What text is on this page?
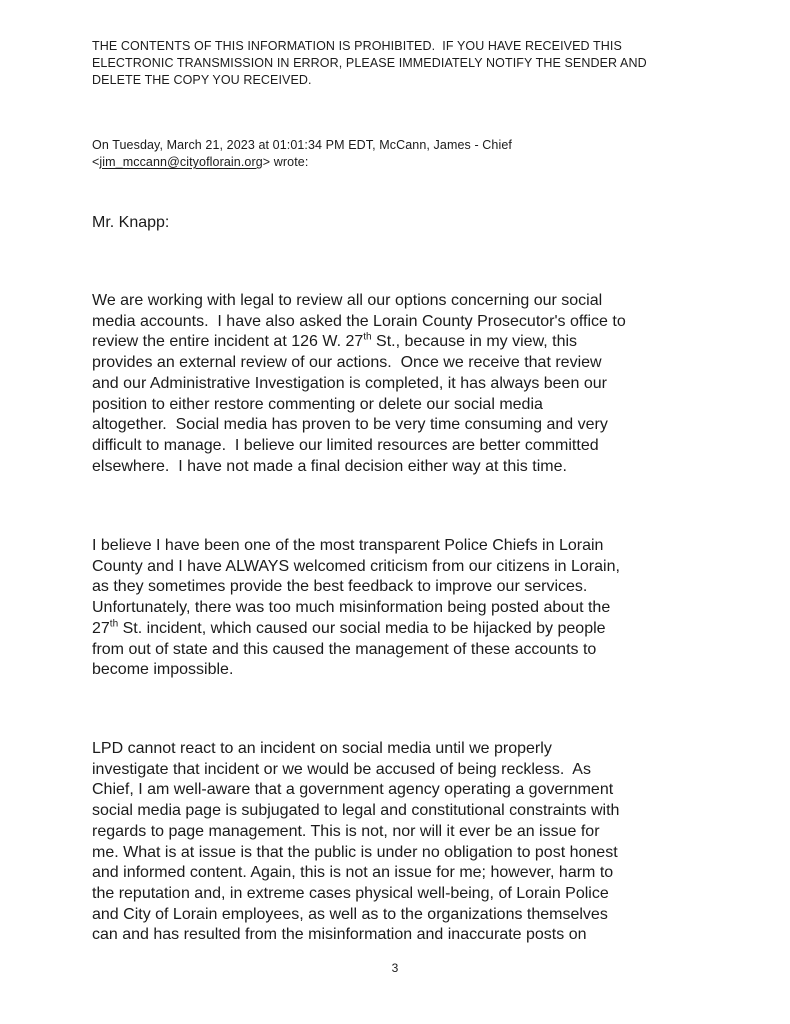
THE CONTENTS OF THIS INFORMATION IS PROHIBITED.  IF YOU HAVE RECEIVED THIS
ELECTRONIC TRANSMISSION IN ERROR, PLEASE IMMEDIATELY NOTIFY THE SENDER AND
DELETE THE COPY YOU RECEIVED.
On Tuesday, March 21, 2023 at 01:01:34 PM EDT, McCann, James - Chief
<jim_mccann@cityoflorain.org> wrote:
Mr. Knapp:
We are working with legal to review all our options concerning our social
media accounts.  I have also asked the Lorain County Prosecutor's office to
review the entire incident at 126 W. 27th St., because in my view, this
provides an external review of our actions.  Once we receive that review
and our Administrative Investigation is completed, it has always been our
position to either restore commenting or delete our social media
altogether.  Social media has proven to be very time consuming and very
difficult to manage.  I believe our limited resources are better committed
elsewhere.  I have not made a final decision either way at this time.
I believe I have been one of the most transparent Police Chiefs in Lorain
County and I have ALWAYS welcomed criticism from our citizens in Lorain,
as they sometimes provide the best feedback to improve our services.
Unfortunately, there was too much misinformation being posted about the
27th St. incident, which caused our social media to be hijacked by people
from out of state and this caused the management of these accounts to
become impossible.
LPD cannot react to an incident on social media until we properly
investigate that incident or we would be accused of being reckless.  As
Chief, I am well-aware that a government agency operating a government
social media page is subjugated to legal and constitutional constraints with
regards to page management. This is not, nor will it ever be an issue for
me. What is at issue is that the public is under no obligation to post honest
and informed content. Again, this is not an issue for me; however, harm to
the reputation and, in extreme cases physical well-being, of Lorain Police
and City of Lorain employees, as well as to the organizations themselves
can and has resulted from the misinformation and inaccurate posts on
3
